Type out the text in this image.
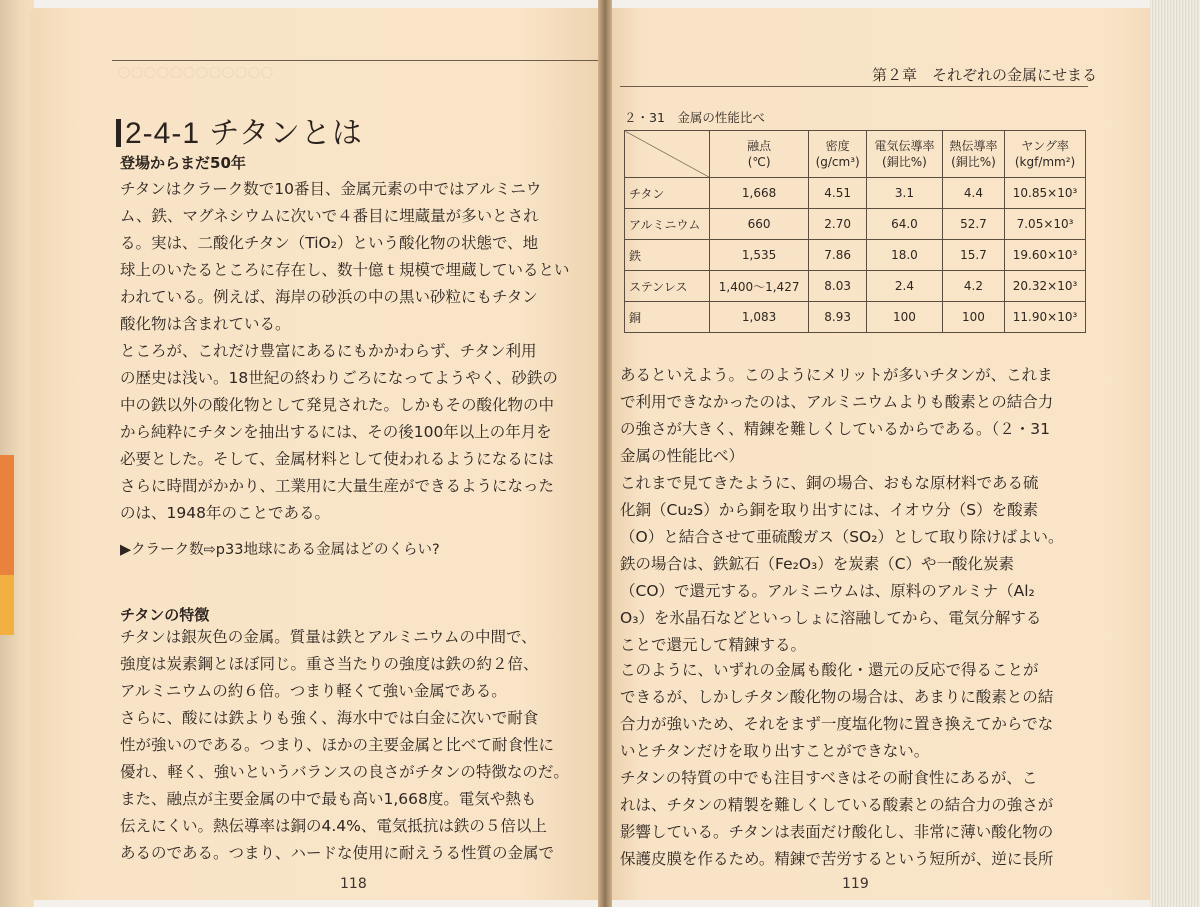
〇〇〇〇〇〇〇〇〇〇〇〇
2-4-1 チタンとは
登場からまだ50年

チタンはクラーク数で10番目、金属元素の中ではアルミニウ

ム、鉄、マグネシウムに次いで４番目に埋蔵量が多いとされ

る。実は、二酸化チタン（TiO₂）という酸化物の状態で、地

球上のいたるところに存在し、数十億ｔ規模で埋蔵しているとい

われている。例えば、海岸の砂浜の中の黒い砂粒にもチタン

酸化物は含まれている。

ところが、これだけ豊富にあるにもかかわらず、チタン利用

の歴史は浅い。18世紀の終わりごろになってようやく、砂鉄の

中の鉄以外の酸化物として発見された。しかもその酸化物の中

から純粋にチタンを抽出するには、その後100年以上の年月を

必要とした。そして、金属材料として使われるようになるには

さらに時間がかかり、工業用に大量生産ができるようになった

のは、1948年のことである。

▶クラーク数⇨p33地球にある金属はどのくらい?
チタンの特徴

チタンは銀灰色の金属。質量は鉄とアルミニウムの中間で、

強度は炭素鋼とほぼ同じ。重さ当たりの強度は鉄の約２倍、

アルミニウムの約６倍。つまり軽くて強い金属である。

さらに、酸には鉄よりも強く、海水中では白金に次いで耐食

性が強いのである。つまり、ほかの主要金属と比べて耐食性に

優れ、軽く、強いというバランスの良さがチタンの特徴なのだ。

また、融点が主要金属の中で最も高い1,668度。電気や熱も

伝えにくい。熱伝導率は銅の4.4%、電気抵抗は鉄の５倍以上

あるのである。つまり、ハードな使用に耐えうる性質の金属で

118
第２章　それぞれの金属にせまる
２・31　金属の性能比べ
	融点
(℃)	密度
(g/cm³)	電気伝導率
(銅比%)	熱伝導率
(銅比%)	ヤング率
(kgf/mm²)
チタン	1,668	4.51	3.1	4.4	10.85×10³
アルミニウム	660	2.70	64.0	52.7	7.05×10³
鉄	1,535	7.86	18.0	15.7	19.60×10³
ステンレス	1,400〜1,427	8.03	2.4	4.2	20.32×10³
銅	1,083	8.93	100	100	11.90×10³

あるといえよう。このようにメリットが多いチタンが、これま

で利用できなかったのは、アルミニウムよりも酸素との結合力

の強さが大きく、精錬を難しくしているからである。（２・31

金属の性能比べ）

これまで見てきたように、銅の場合、おもな原材料である硫

化銅（Cu₂S）から銅を取り出すには、イオウ分（S）を酸素

（O）と結合させて亜硫酸ガス（SO₂）として取り除けばよい。

鉄の場合は、鉄鉱石（Fe₂O₃）を炭素（C）や一酸化炭素

（CO）で還元する。アルミニウムは、原料のアルミナ（Al₂

O₃）を氷晶石などといっしょに溶融してから、電気分解する

ことで還元して精錬する。

このように、いずれの金属も酸化・還元の反応で得ることが

できるが、しかしチタン酸化物の場合は、あまりに酸素との結

合力が強いため、それをまず一度塩化物に置き換えてからでな

いとチタンだけを取り出すことができない。

チタンの特質の中でも注目すべきはその耐食性にあるが、こ

れは、チタンの精製を難しくしている酸素との結合力の強さが

影響している。チタンは表面だけ酸化し、非常に薄い酸化物の

保護皮膜を作るため。精錬で苦労するという短所が、逆に長所

119
